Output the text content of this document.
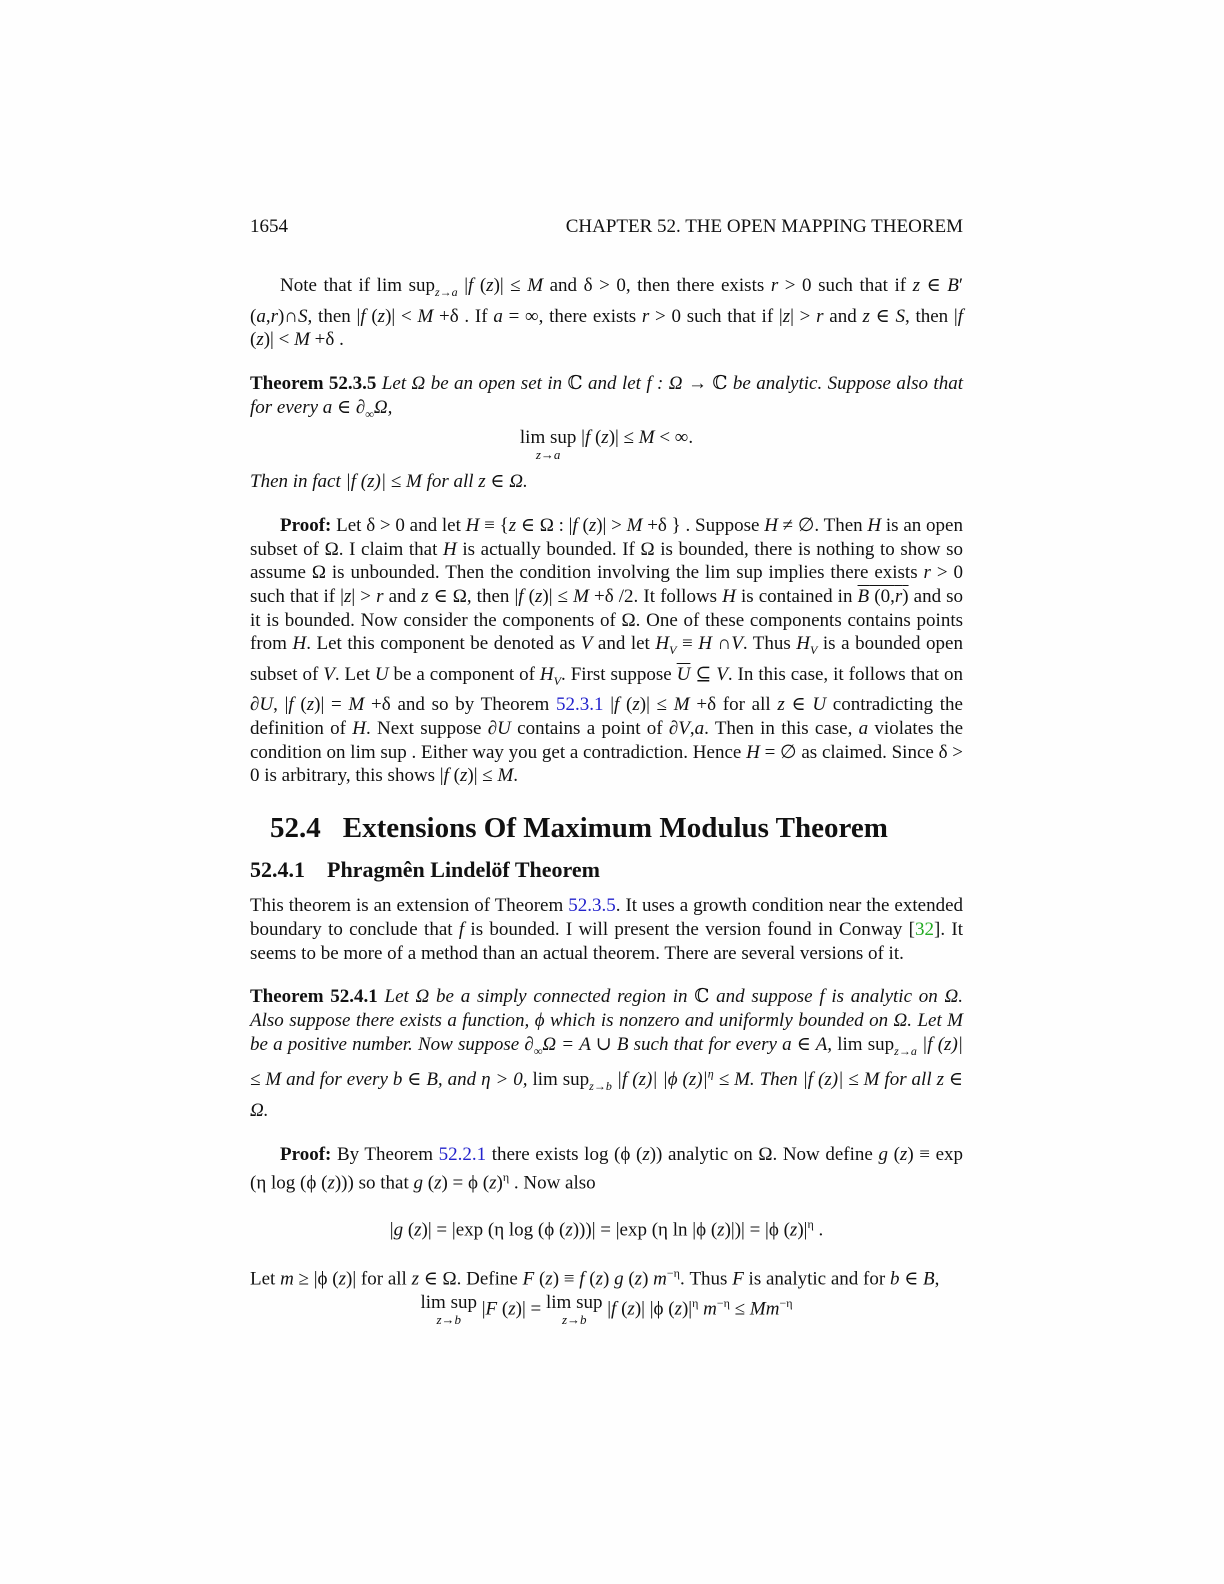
1654	CHAPTER 52. THE OPEN MAPPING THEOREM

Note that if lim sup$_{z\to a}$ |f (z)| ≤ M and δ > 0, then there exists r > 0 such that if z ∈ B′ (a,r)∩S, then |f (z)| < M +δ . If a = ∞, there exists r > 0 such that if |z| > r and z ∈ S, then |f (z)| < M +δ .

Theorem 52.3.5 Let Ω be an open set in ℂ and let f : Ω → ℂ be analytic. Suppose also that for every a ∈ $\partial_\infty\Omega$,

lim sup
z→a
|f (z)| ≤ M < ∞.

Then in fact |f (z)| ≤ M for all z ∈ Ω.

Proof: Let δ > 0 and let H ≡ {z ∈ Ω : |f (z)| > M +δ } . Suppose H ≠ ∅. Then H is an open subset of Ω. I claim that H is actually bounded. If Ω is bounded, there is nothing to show so assume Ω is unbounded. Then the condition involving the lim sup implies there exists r > 0 such that if |z| > r and z ∈ Ω, then |f (z)| ≤ M +δ /2. It follows H is contained in B (0,r) and so it is bounded. Now consider the components of Ω. One of these components contains points from H. Let this component be denoted as V and let $H_V \equiv H$ ∩V. Thus $H_V$ is a bounded open subset of V. Let U be a component of $H_V$. First suppose $\overline{U}$ ⊆ V. In this case, it follows that on ∂U, |f (z)| = M +δ and so by Theorem 52.3.1 |f (z)| ≤ M +δ for all z ∈ U contradicting the definition of H. Next suppose ∂U contains a point of ∂V,a. Then in this case, a violates the condition on lim sup . Either way you get a contradiction. Hence H = ∅ as claimed. Since δ > 0 is arbitrary, this shows |f (z)| ≤ M.

52.4 Extensions Of Maximum Modulus Theorem
52.4.1 Phragmên Lindelöf Theorem

This theorem is an extension of Theorem 52.3.5. It uses a growth condition near the extended boundary to conclude that f is bounded. I will present the version found in Conway [32]. It seems to be more of a method than an actual theorem. There are several versions of it.

Theorem 52.4.1 Let Ω be a simply connected region in ℂ and suppose f is analytic on Ω. Also suppose there exists a function, ϕ which is nonzero and uniformly bounded on Ω. Let M be a positive number. Now suppose $\partial_\infty\Omega = A$ ∪ B such that for every a ∈ A, lim sup$_{z\to a}$ |f (z)| ≤ M and for every b ∈ B, and η > 0, lim sup$_{z\to b}$ |f (z)| |ϕ $(z)|^\eta \le M$. Then |f (z)| ≤ M for all z ∈ Ω.

Proof: By Theorem 52.2.1 there exists log (ϕ (z)) analytic on Ω. Now define g (z) ≡ exp (η log (ϕ (z))) so that g (z) = ϕ $(z)^\eta$ . Now also

|g (z)| = |exp (η log (ϕ (z)))| = |exp (η ln |ϕ (z)|)| = |ϕ $(z)|^\eta$ .

Let m ≥ |ϕ (z)| for all z ∈ Ω. Define F (z) ≡ f (z) g (z) $m^{-\eta}$. Thus F is analytic and for b ∈ B,

lim sup
z→b
|F (z)| = lim sup
z→b
|f (z)| |ϕ $(z)|^\eta$ $m^{-\eta} \le Mm^{-\eta}$
